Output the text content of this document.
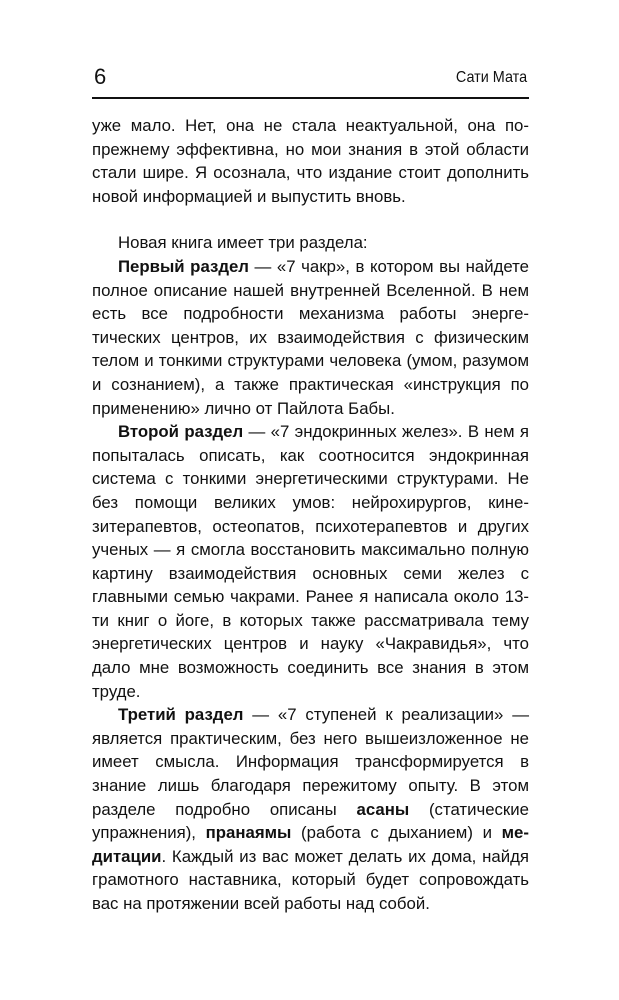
6	Сати Мата

уже мало. Нет, она не стала неактуальной, она попрежнему эффективна, но мои знания в этой области стали шире. Я осознала, что издание стоит дополнить новой информацией и выпустить вновь.

Новая книга имеет три раздела:

Первый раздел — «7 чакр», в котором вы найдете полное описание нашей внутренней Вселенной. В нем есть все подробности механизма работы энергетических центров, их взаимодействия с физическим телом и тонкими структурами человека (умом, разумом и сознанием), а также практическая «инструкция по применению» лично от Пайлота Бабы.

Второй раздел — «7 эндокринных желез». В нем я попыталась описать, как соотносится эндокринная система с тонкими энергетическими структурами. Не без помощи великих умов: нейрохирургов, кинезитерапевтов, остеопатов, психотерапевтов и других ученых — я смогла восстановить максимально полную картину взаимодействия основных семи желез с главными семью чакрами. Ранее я написала около 13-ти книг о йоге, в которых также рассматривала тему энергетических центров и науку «Чакравидья», что дало мне возможность соединить все знания в этом труде.

Третий раздел — «7 ступеней к реализации» — является практическим, без него вышеизложенное не имеет смысла. Информация трансформируется в знание лишь благодаря пережитому опыту. В этом разделе подробно описаны асаны (статические упражнения), пранаямы (работа с дыханием) и медитации. Каждый из вас может делать их дома, найдя грамотного наставника, который будет сопровождать вас на протяжении всей работы над собой.
